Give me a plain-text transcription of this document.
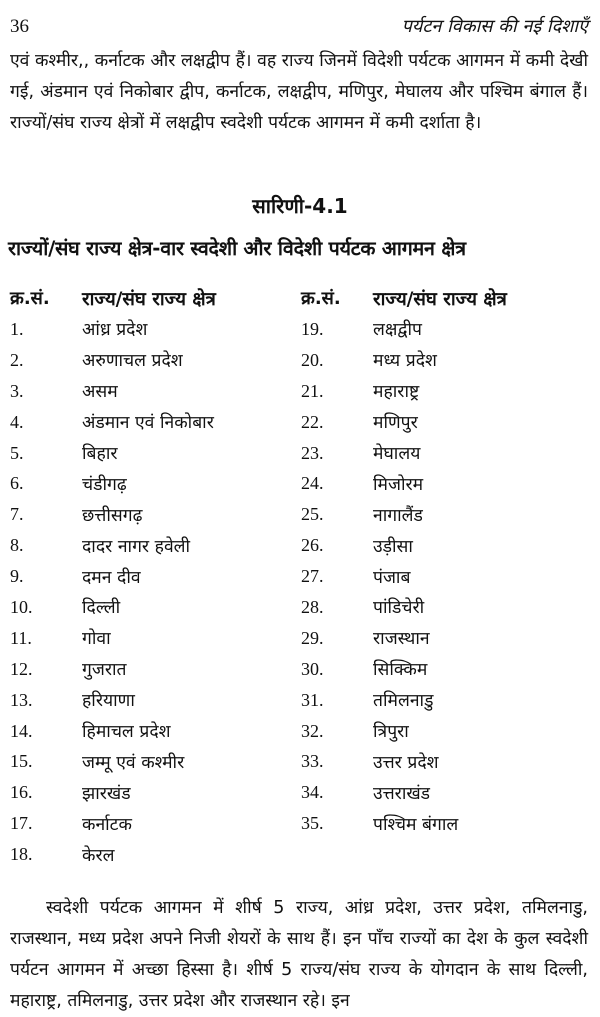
36	पर्यटन विकास की नई दिशाएँ

एवं कश्मीर,, कर्नाटक और लक्षद्वीप हैं। वह राज्य जिनमें विदेशी पर्यटक आगमन में कमी देखी गई, अंडमान एवं निकोबार द्वीप, कर्नाटक, लक्षद्वीप, मणिपुर, मेघालय और पश्चिम बंगाल हैं। राज्यों/संघ राज्य क्षेत्रों में लक्षद्वीप स्वदेशी पर्यटक आगमन में कमी दर्शाता है।

सारिणी-4.1
राज्यों/संघ राज्य क्षेत्र-वार स्वदेशी और विदेशी पर्यटक आगमन क्षेत्र
क्र.सं.	राज्य/संघ राज्य क्षेत्र
1.	आंध्र प्रदेश
2.	अरुणाचल प्रदेश
3.	असम
4.	अंडमान एवं निकोबार
5.	बिहार
6.	चंडीगढ़
7.	छत्तीसगढ़
8.	दादर नागर हवेली
9.	दमन दीव
10.	दिल्ली
11.	गोवा
12.	गुजरात
13.	हरियाणा
14.	हिमाचल प्रदेश
15.	जम्मू एवं कश्मीर
16.	झारखंड
17.	कर्नाटक
18.	केरल
क्र.सं.	राज्य/संघ राज्य क्षेत्र
19.	लक्षद्वीप
20.	मध्य प्रदेश
21.	महाराष्ट्र
22.	मणिपुर
23.	मेघालय
24.	मिजोरम
25.	नागालैंड
26.	उड़ीसा
27.	पंजाब
28.	पांडिचेरी
29.	राजस्थान
30.	सिक्किम
31.	तमिलनाडु
32.	त्रिपुरा
33.	उत्तर प्रदेश
34.	उत्तराखंड
35.	पश्चिम बंगाल

स्वदेशी पर्यटक आगमन में शीर्ष 5 राज्य, आंध्र प्रदेश, उत्तर प्रदेश, तमिलनाडु, राजस्थान, मध्य प्रदेश अपने निजी शेयरों के साथ हैं। इन पाँच राज्यों का देश के कुल स्वदेशी पर्यटन आगमन में अच्छा हिस्सा है। शीर्ष 5 राज्य/संघ राज्य के योगदान के साथ दिल्ली, महाराष्ट्र, तमिलनाडु, उत्तर प्रदेश और राजस्थान रहे। इन
